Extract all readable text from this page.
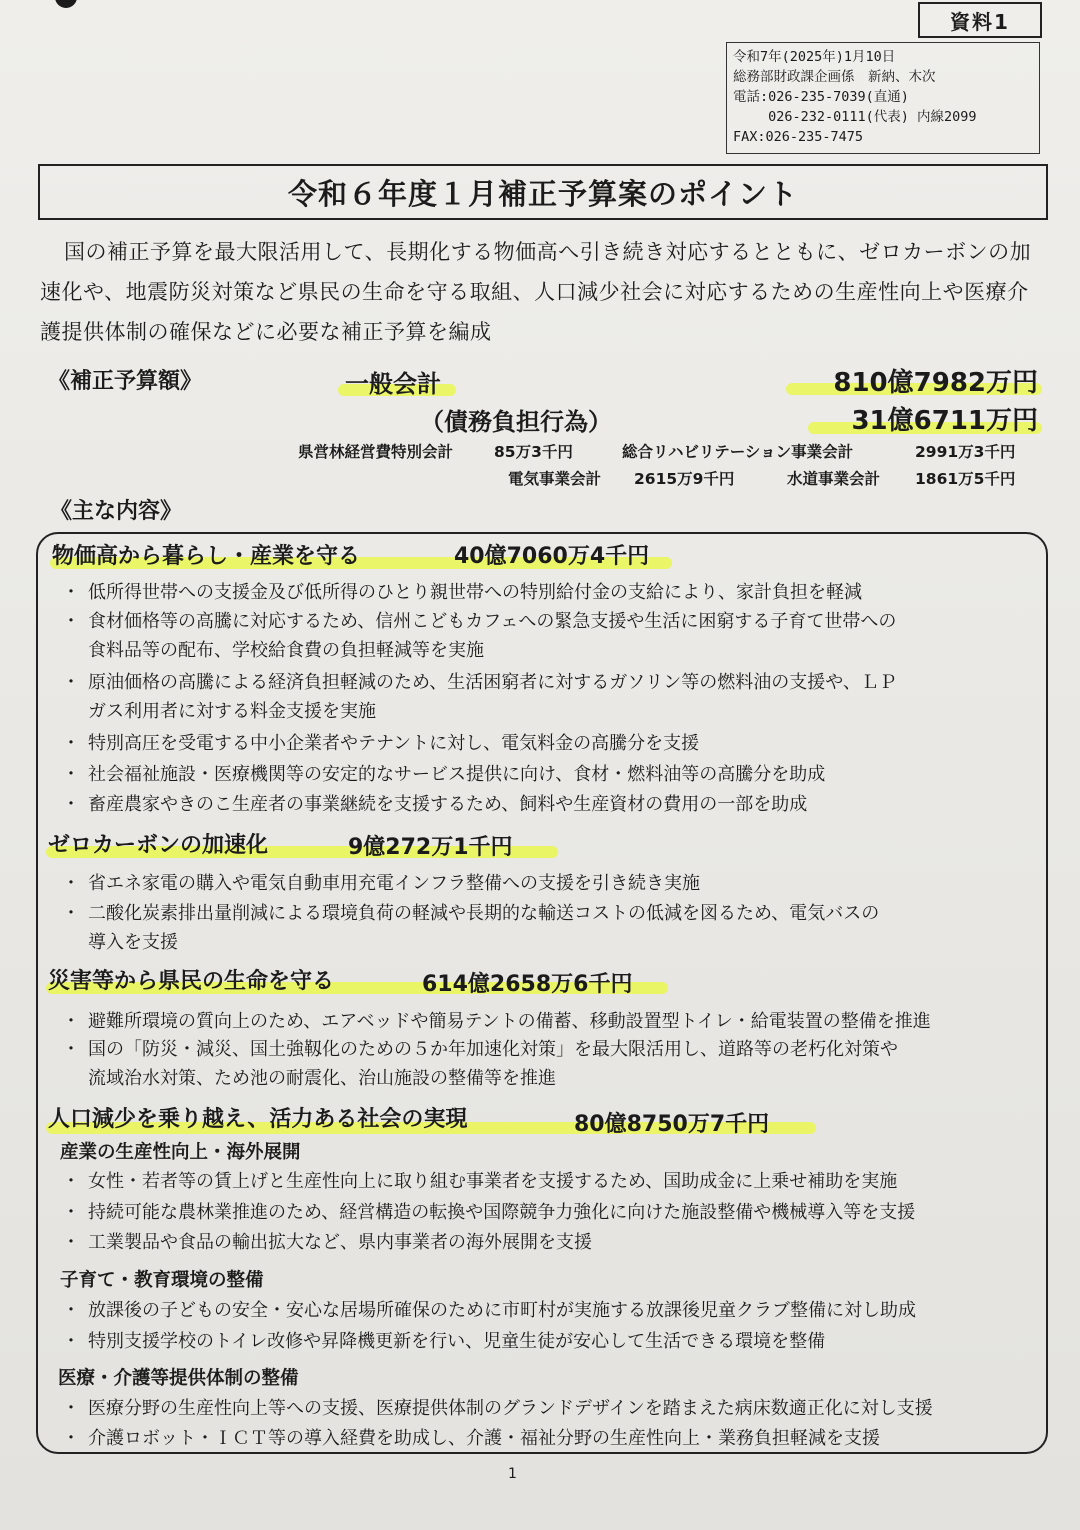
資料1
令和7年(2025年)1月10日
総務部財政課企画係　新納、木次
電話:026-235-7039(直通)
　　 026-232-0111(代表) 内線2099
FAX:026-235-7475
令和６年度１月補正予算案のポイント
国の補正予算を最大限活用して、長期化する物価高へ引き続き対応するとともに、ゼロカーボンの加速化や、地震防災対策など県民の生命を守る取組、人口減少社会に対応するための生産性向上や医療介護提供体制の確保などに必要な補正予算を編成
《補正予算額》	一般会計	810億7982万円
（債務負担行為）	31億6711万円
県営林経営費特別会計	85万3千円	総合リハビリテーション事業会計	2991万3千円
電気事業会計 2615万9千円	水道事業会計 1861万5千円
《主な内容》
物価高から暮らし・産業を守る	40億7060万4千円
・ 低所得世帯への支援金及び低所得のひとり親世帯への特別給付金の支給により、家計負担を軽減
・ 食材価格等の高騰に対応するため、信州こどもカフェへの緊急支援や生活に困窮する子育て世帯への
食料品等の配布、学校給食費の負担軽減等を実施
・ 原油価格の高騰による経済負担軽減のため、生活困窮者に対するガソリン等の燃料油の支援や、ＬＰ
ガス利用者に対する料金支援を実施
・ 特別高圧を受電する中小企業者やテナントに対し、電気料金の高騰分を支援
・ 社会福祉施設・医療機関等の安定的なサービス提供に向け、食材・燃料油等の高騰分を助成
・ 畜産農家やきのこ生産者の事業継続を支援するため、飼料や生産資材の費用の一部を助成
ゼロカーボンの加速化	9億272万1千円
・ 省エネ家電の購入や電気自動車用充電インフラ整備への支援を引き続き実施
・ 二酸化炭素排出量削減による環境負荷の軽減や長期的な輸送コストの低減を図るため、電気バスの
導入を支援
災害等から県民の生命を守る	614億2658万6千円
・ 避難所環境の質向上のため、エアベッドや簡易テントの備蓄、移動設置型トイレ・給電装置の整備を推進
・ 国の「防災・減災、国土強靱化のための５か年加速化対策」を最大限活用し、道路等の老朽化対策や
流域治水対策、ため池の耐震化、治山施設の整備等を推進
人口減少を乗り越え、活力ある社会の実現	80億8750万7千円
産業の生産性向上・海外展開
・ 女性・若者等の賃上げと生産性向上に取り組む事業者を支援するため、国助成金に上乗せ補助を実施
・ 持続可能な農林業推進のため、経営構造の転換や国際競争力強化に向けた施設整備や機械導入等を支援
・ 工業製品や食品の輸出拡大など、県内事業者の海外展開を支援
子育て・教育環境の整備
・ 放課後の子どもの安全・安心な居場所確保のために市町村が実施する放課後児童クラブ整備に対し助成
・ 特別支援学校のトイレ改修や昇降機更新を行い、児童生徒が安心して生活できる環境を整備
医療・介護等提供体制の整備
・ 医療分野の生産性向上等への支援、医療提供体制のグランドデザインを踏まえた病床数適正化に対し支援
・ 介護ロボット・ＩＣＴ等の導入経費を助成し、介護・福祉分野の生産性向上・業務負担軽減を支援
1
